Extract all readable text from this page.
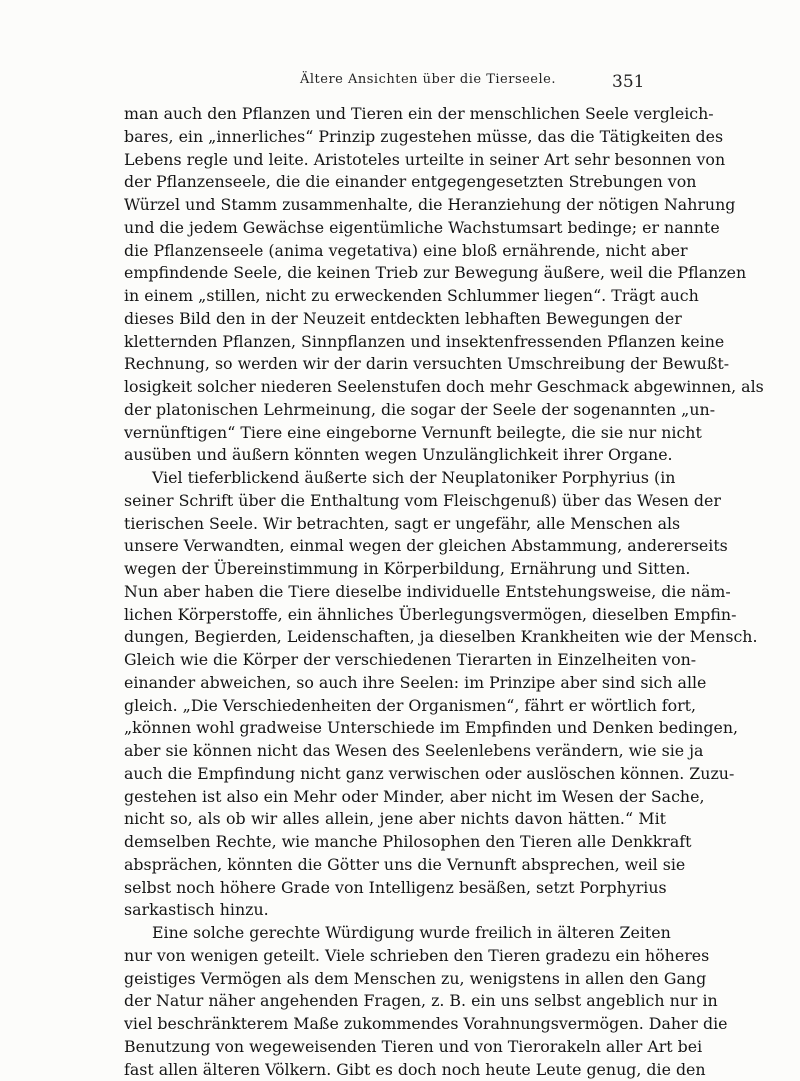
Ältere Ansichten über die Tierseele.	351
man auch den Pflanzen und Tieren ein der menschlichen Seele vergleich-
bares, ein „innerliches“ Prinzip zugestehen müsse, das die Tätigkeiten des
Lebens regle und leite. Aristoteles urteilte in seiner Art sehr besonnen von
der Pflanzenseele, die die einander entgegengesetzten Strebungen von
Würzel und Stamm zusammenhalte, die Heranziehung der nötigen Nahrung
und die jedem Gewächse eigentümliche Wachstumsart bedinge; er nannte
die Pflanzenseele (anima vegetativa) eine bloß ernährende, nicht aber
empfindende Seele, die keinen Trieb zur Bewegung äußere, weil die Pflanzen
in einem „stillen, nicht zu erweckenden Schlummer liegen“. Trägt auch
dieses Bild den in der Neuzeit entdeckten lebhaften Bewegungen der
kletternden Pflanzen, Sinnpflanzen und insektenfressenden Pflanzen keine
Rechnung, so werden wir der darin versuchten Umschreibung der Bewußt-
losigkeit solcher niederen Seelenstufen doch mehr Geschmack abgewinnen, als
der platonischen Lehrmeinung, die sogar der Seele der sogenannten „un-
vernünftigen“ Tiere eine eingeborne Vernunft beilegte, die sie nur nicht
ausüben und äußern könnten wegen Unzulänglichkeit ihrer Organe.
Viel tieferblickend äußerte sich der Neuplatoniker Porphyrius (in
seiner Schrift über die Enthaltung vom Fleischgenuß) über das Wesen der
tierischen Seele. Wir betrachten, sagt er ungefähr, alle Menschen als
unsere Verwandten, einmal wegen der gleichen Abstammung, andererseits
wegen der Übereinstimmung in Körperbildung, Ernährung und Sitten.
Nun aber haben die Tiere dieselbe individuelle Entstehungsweise, die näm-
lichen Körperstoffe, ein ähnliches Überlegungsvermögen, dieselben Empfin-
dungen, Begierden, Leidenschaften, ja dieselben Krankheiten wie der Mensch.
Gleich wie die Körper der verschiedenen Tierarten in Einzelheiten von-
einander abweichen, so auch ihre Seelen: im Prinzipe aber sind sich alle
gleich. „Die Verschiedenheiten der Organismen“, fährt er wörtlich fort,
„können wohl gradweise Unterschiede im Empfinden und Denken bedingen,
aber sie können nicht das Wesen des Seelenlebens verändern, wie sie ja
auch die Empfindung nicht ganz verwischen oder auslöschen können. Zuzu-
gestehen ist also ein Mehr oder Minder, aber nicht im Wesen der Sache,
nicht so, als ob wir alles allein, jene aber nichts davon hätten.“ Mit
demselben Rechte, wie manche Philosophen den Tieren alle Denkkraft
absprächen, könnten die Götter uns die Vernunft absprechen, weil sie
selbst noch höhere Grade von Intelligenz besäßen, setzt Porphyrius
sarkastisch hinzu.
Eine solche gerechte Würdigung wurde freilich in älteren Zeiten
nur von wenigen geteilt. Viele schrieben den Tieren gradezu ein höheres
geistiges Vermögen als dem Menschen zu, wenigstens in allen den Gang
der Natur näher angehenden Fragen, z. B. ein uns selbst angeblich nur in
viel beschränkterem Maße zukommendes Vorahnungsvermögen. Daher die
Benutzung von wegeweisenden Tieren und von Tierorakeln aller Art bei
fast allen älteren Völkern. Gibt es doch noch heute Leute genug, die den
